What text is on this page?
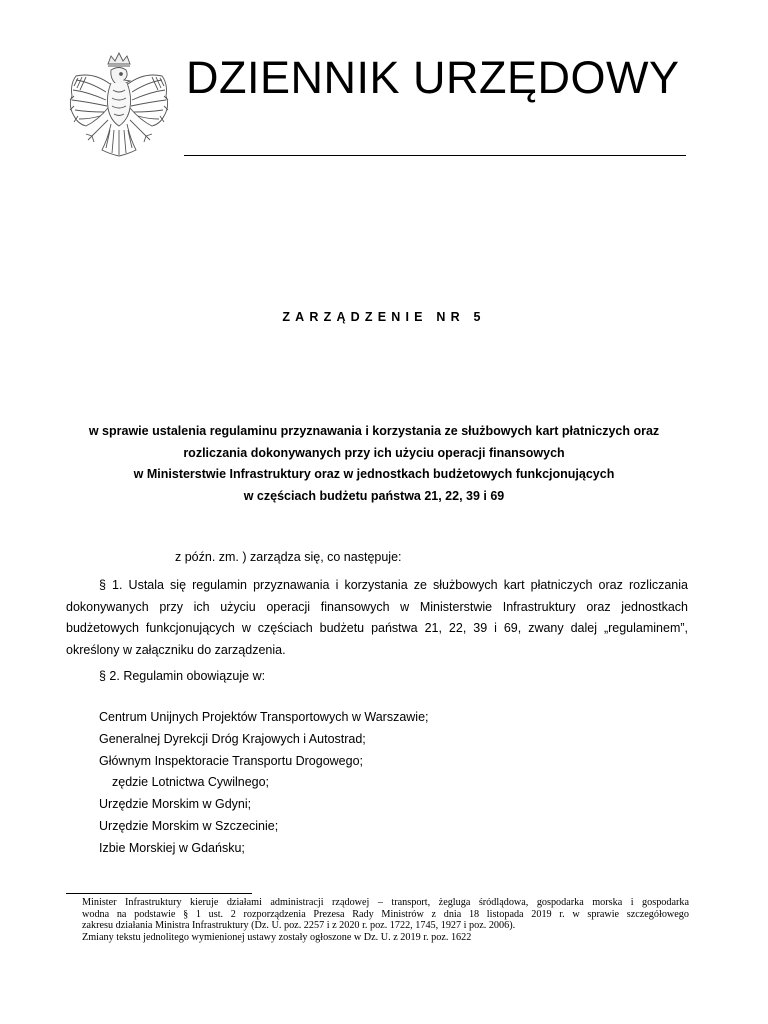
DZIENNIK URZĘDOWY
ZARZĄDZENIE NR 5
w sprawie ustalenia regulaminu przyznawania i korzystania ze służbowych kart płatniczych oraz
rozliczania dokonywanych przy ich użyciu operacji finansowych
w Ministerstwie Infrastruktury oraz w jednostkach budżetowych funkcjonujących
w częściach budżetu państwa 21, 22, 39 i 69
z późn. zm. ) zarządza się, co następuje:
§ 1. Ustala się regulamin przyznawania i korzystania ze służbowych kart płatniczych oraz rozliczania
dokonywanych przy ich użyciu operacji finansowych w Ministerstwie Infrastruktury oraz jednostkach
budżetowych funkcjonujących w częściach budżetu państwa 21, 22, 39 i 69, zwany dalej „regulaminem”,
określony w załączniku do zarządzenia.
§ 2. Regulamin obowiązuje w:
Centrum Unijnych Projektów Transportowych w Warszawie;
Generalnej Dyrekcji Dróg Krajowych i Autostrad;
Głównym Inspektoracie Transportu Drogowego;
zędzie Lotnictwa Cywilnego;
Urzędzie Morskim w Gdyni;
Urzędzie Morskim w Szczecinie;
Izbie Morskiej w Gdańsku;
Minister Infrastruktury kieruje działami administracji rządowej – transport, żegluga śródlądowa, gospodarka morska i gospodarka
wodna na podstawie § 1 ust. 2 rozporządzenia Prezesa Rady Ministrów z dnia 18 listopada 2019 r. w sprawie szczegółowego
zakresu działania Ministra Infrastruktury (Dz. U. poz. 2257 i z 2020 r. poz. 1722, 1745, 1927 i poz. 2006).
Zmiany tekstu jednolitego wymienionej ustawy zostały ogłoszone w Dz. U. z 2019 r. poz. 1622
